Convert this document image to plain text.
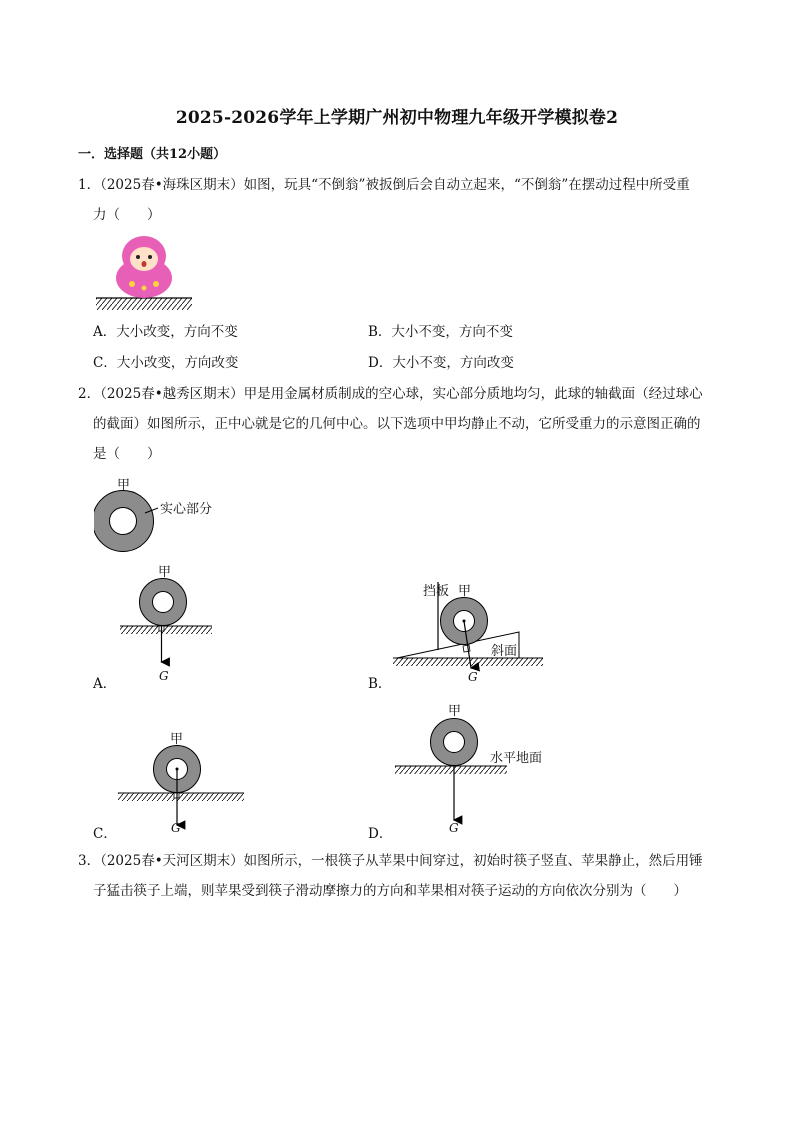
2025-2026学年上学期广州初中物理九年级开学模拟卷2
一．选择题（共12小题）
1．（2025春•海珠区期末）如图，玩具“不倒翁”被扳倒后会自动立起来，“不倒翁”在摆动过程中所受重
力（　　）
A．大小改变，方向不变	B．大小不变，方向不变
C．大小改变，方向改变	D．大小不变，方向改变
2．（2025春•越秀区期末）甲是用金属材质制成的空心球，实心部分质地均匀，此球的轴截面（经过球心
的截面）如图所示，正中心就是它的几何中心。以下选项中甲均静止不动，它所受重力的示意图正确的
是（　　）
甲
实心部分
甲
G
A．
挡板 甲
斜面
G
B．
甲
G
C．
甲
水平地面
G
D．
3．（2025春•天河区期末）如图所示，一根筷子从苹果中间穿过，初始时筷子竖直、苹果静止，然后用锤
子猛击筷子上端，则苹果受到筷子滑动摩擦力的方向和苹果相对筷子运动的方向依次分别为（　　）
